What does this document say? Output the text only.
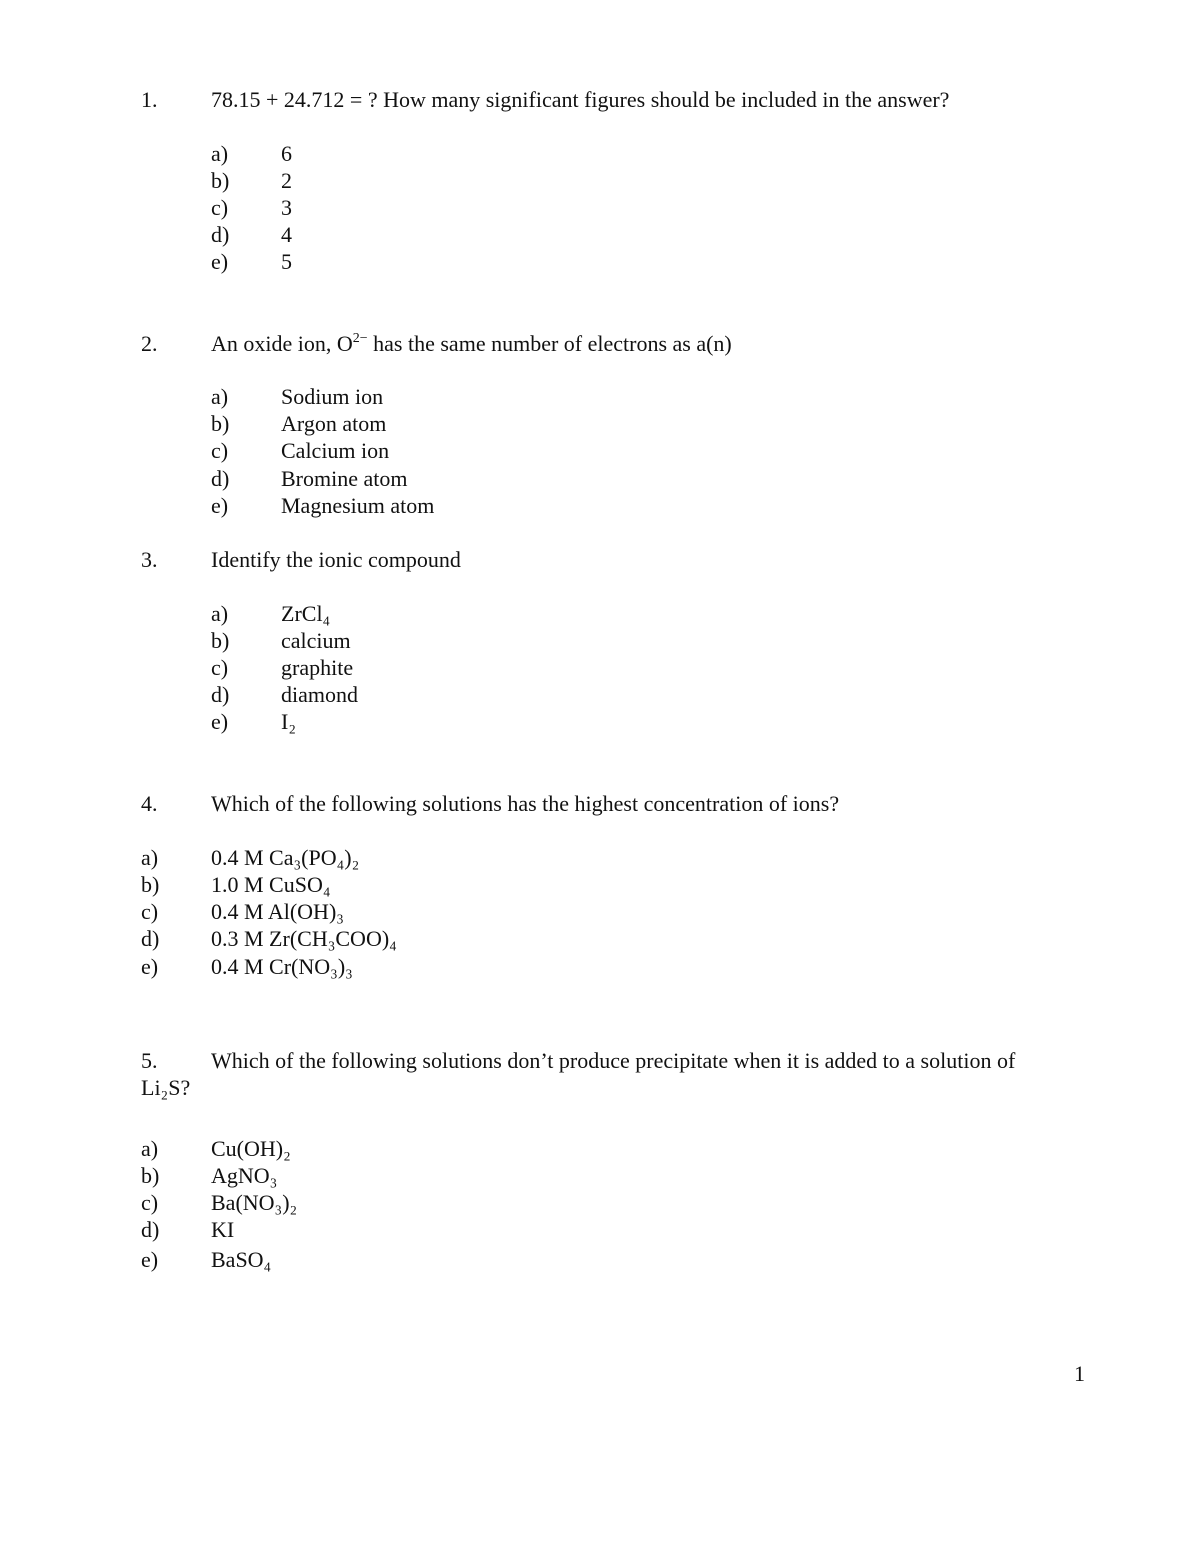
1. 78.15 + 24.712 = ? How many significant figures should be included in the answer?
a) 6
b) 2
c) 3
d) 4
e) 5
2. An oxide ion, $O^{2-}$ has the same number of electrons as a(n)
a) Sodium ion
b) Argon atom
c) Calcium ion
d) Bromine atom
e) Magnesium atom
3. Identify the ionic compound
a) ZrCl₄
b) calcium
c) graphite
d) diamond
e) I₂
4. Which of the following solutions has the highest concentration of ions?
a) 0.4 M Ca₃(PO₄)₂
b) 1.0 M CuSO₄
c) 0.4 M Al(OH)₃
d) 0.3 M Zr(CH₃COO)₄
e) 0.4 M Cr(NO₃)₃
5. Which of the following solutions don’t produce precipitate when it is added to a solution of
Li₂S?
a) Cu(OH)₂
b) AgNO₃
c) Ba(NO₃)₂
d) KI
e) BaSO₄
1
